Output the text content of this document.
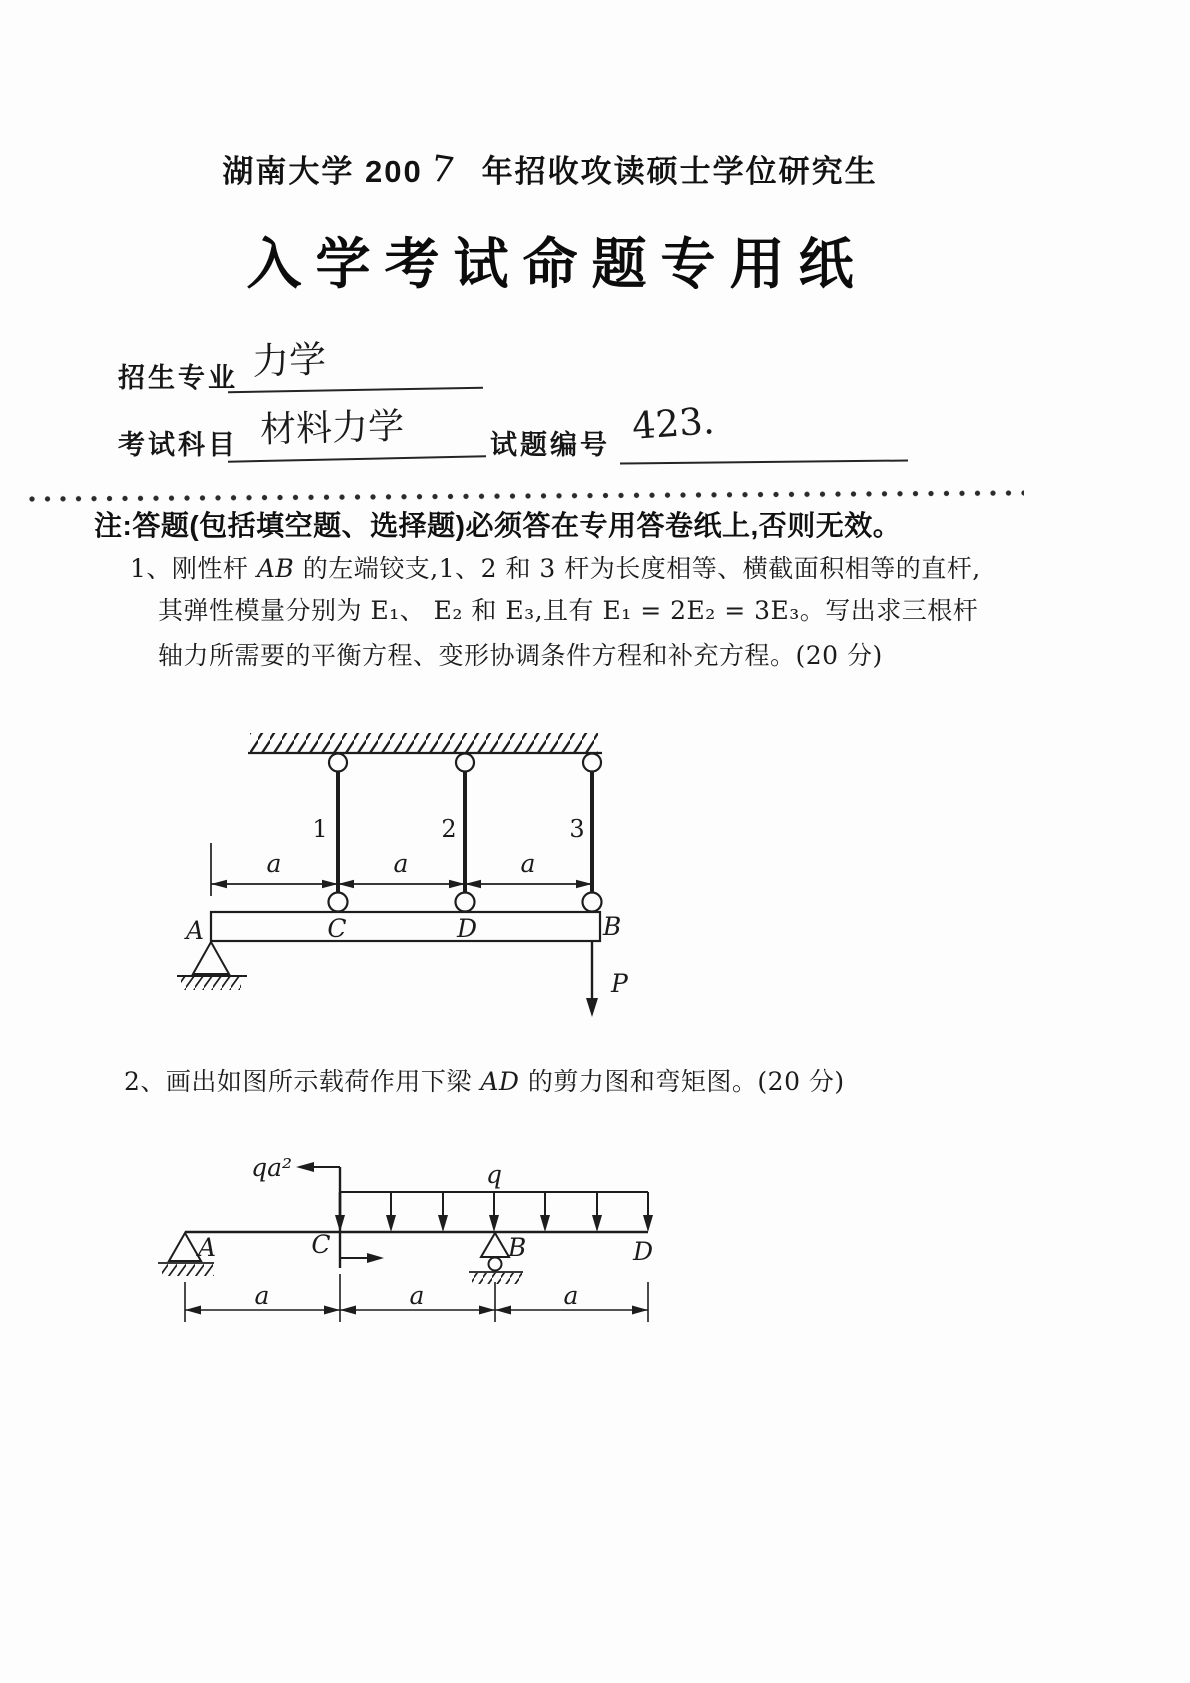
湖南大学 200 7 年招收攻读硕士学位研究生
入学考试命题专用纸
招生专业 力学
考试科目 材料力学	试题编号 423.
注:答题(包括填空题、选择题)必须答在专用答卷纸上,否则无效。
1、刚性杆 AB 的左端铰支,1、2 和 3 杆为长度相等、横截面积相等的直杆,
其弹性模量分别为 E₁、 E₂ 和 E₃,且有 E₁ = 2E₂ = 3E₃。写出求三根杆
轴力所需要的平衡方程、变形协调条件方程和补充方程。(20 分)
1	2	3
a	a	a
A	C	D	B
P
2、画出如图所示载荷作用下梁 AD 的剪力图和弯矩图。(20 分)
qa²	q
A	C	B	D
a	a	a
